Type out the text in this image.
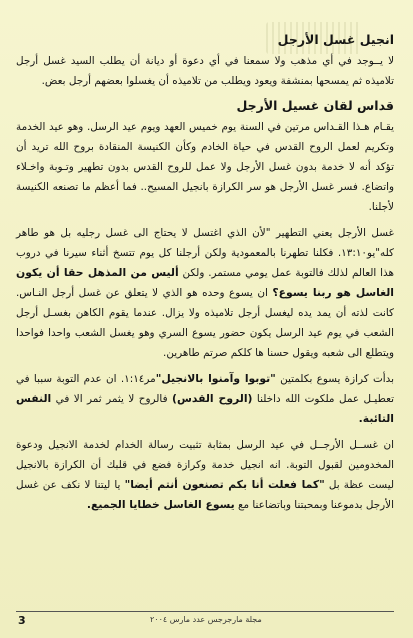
انجيل غسل الأرجل

لا يــوجد في أي مذهب ولا سمعنا في أي دعوة أو ديانة أن يطلب السيد غسل أرجل تلاميذه ثم يمسحها بمنشفة ويعود ويطلب من تلاميذه أن يغسلوا بعضهم أرجل بعض.

قداس لقان غسيل الأرجل

يقـام هـذا القـداس مرتين في السنة يوم خميس العهد ويوم عيد الرسل. وهو عيد الخدمة وتكريم لعمل الروح القدس في حياة الخادم وكأن الكنيسة المنقادة بروح الله تريد أن تؤكد أنه لا خدمة بدون غسل الأرجل ولا عمل للروح القدس بدون تطهير وتـوبة واخـلاء واتضاع. فسر غسل الأرجل هو سر الكرازة بانجيل المسيح.. فما أعظم ما تصنعه الكنيسة لأجلنا.

غسل الأرجل يعني التطهير "لأن الذي اغتسل لا يحتاج الى غسل رجليه بل هو طاهر كله"يو١٣:١٠. فكلنا تطهرنا بالمعمودية ولكن أرجلنا كل يوم تتسخ أثناء سيرنا في دروب هذا العالم لذلك فالتوبة عمل يومي مستمر. ولكن أليس من المذهل حقا أن يكون الغاسل هو ربنا يسوع؟ ان يسوع وحده هو الذي لا يتعلق عن غسل أرجل النـاس. كانت لذته أن يمد يده ليغسل أرجل تلاميذه ولا يزال. عندما يقوم الكاهن بغسـل أرجل الشعب في يوم عيد الرسل يكون حضور يسوع السري وهو يغسل الشعب واحدا فواحدا ويتطلع الى شعبه ويقول حسنا ها كلكم صرتم طاهرين.

بدأت كرازة يسوع بكلمتين "توبوا وآمنوا بالانجيل"مر١:١٤. ان عدم التوبة سببا في تعطيـل عمل ملكوت الله داخلنا (الروح القدس) فالروح لا يثمر ثمر الا في النفس التائبة.

ان غســل الأرجــل في عيد الرسل بمثابة تثبيت رسالة الخدام لخدمة الانجيل ودعوة المخدومين لقبول التوبة. انه انجيل خدمة وكرازة فضع في قلبك أن الكرازة بالانجيل ليست عظة بل "كما فعلت أنا بكم تصنعون أنتم أيضا" يا ليتنا لا نكف عن غسل الأرجل بدموعنا وبمحبتنا وباتضاعنا مع يسوع الغاسل خطايا الجميع.

3	مجلة مارجرجس عدد مارس ٢٠٠٤
